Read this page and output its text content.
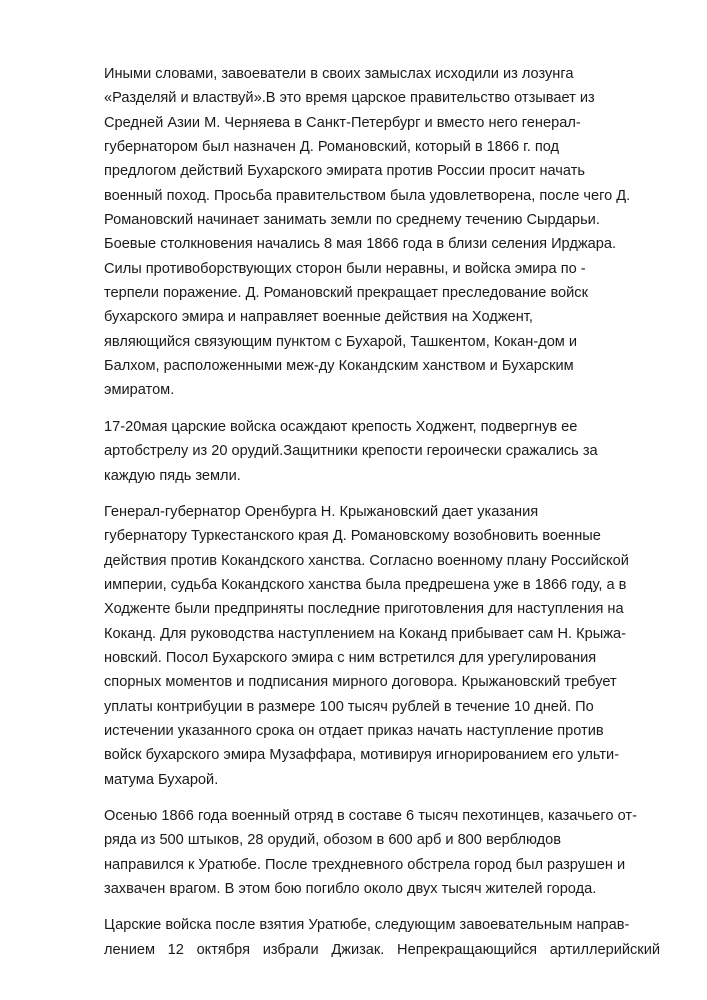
Иными словами, завоеватели в своих замыслах исходили из лозунга
«Разделяй и властвуй».В это время царское правительство отзывает из
Средней Азии М. Черняева в Санкт-Петербург и вместо него генерал-
губернатором был назначен Д. Романовский, который в 1866 г. под
предлогом действий Бухарского эмирата против России просит начать
военный поход. Просьба правительством была удовлетворена, после чего Д.
Романовский начинает занимать земли по среднему течению Сырдарьи.
Боевые столкновения начались 8 мая 1866 года в близи селения Ирджара.
Силы противоборствующих сторон были неравны, и войска эмира по -
терпели поражение. Д. Романовский прекращает преследование войск
бухарского эмира и направляет военные действия на Ходжент,
являющийся связующим пунктом с Бухарой, Ташкентом, Кокан-дом и
Балхом, расположенными меж-ду Кокандским ханством и Бухарским
эмиратом.
17-20мая царские войска осаждают крепость Ходжент, подвергнув ее
артобстрелу из 20 орудий.Защитники крепости героически сражались за
каждую пядь земли.
Генерал-губернатор Оренбурга Н. Крыжановский дает указания
губернатору Туркестанского края Д. Романовскому возобновить военные
действия против Кокандского ханства. Согласно военному плану Российской
империи, судьба Кокандского ханства была предрешена уже в 1866 году, а в
Ходженте были предприняты последние приготовления для наступления на
Коканд. Для руководства наступлением на Коканд прибывает сам Н. Крыжа-
новский. Посол Бухарского эмира с ним встретился для урегулирования
спорных моментов и подписания мирного договора. Крыжановский требует
уплаты контрибуции в размере 100 тысяч рублей в течение 10 дней. По
истечении указанного срока он отдает приказ начать наступление против
войск бухарского эмира Музаффара, мотивируя игнорированием его ульти-
матума Бухарой.
Осенью 1866 года военный отряд в составе 6 тысяч пехотинцев, казачьего от-
ряда из 500 штыков, 28 орудий, обозом в 600 арб и 800 верблюдов
направился к Уратюбе. После трехдневного обстрела город был разрушен и
захвачен врагом. В этом бою погибло около двух тысяч жителей города.
Царские войска после взятия Уратюбе, следующим завоевательным направ-
лением 12 октября избрали Джизак. Непрекращающийся артиллерийский
